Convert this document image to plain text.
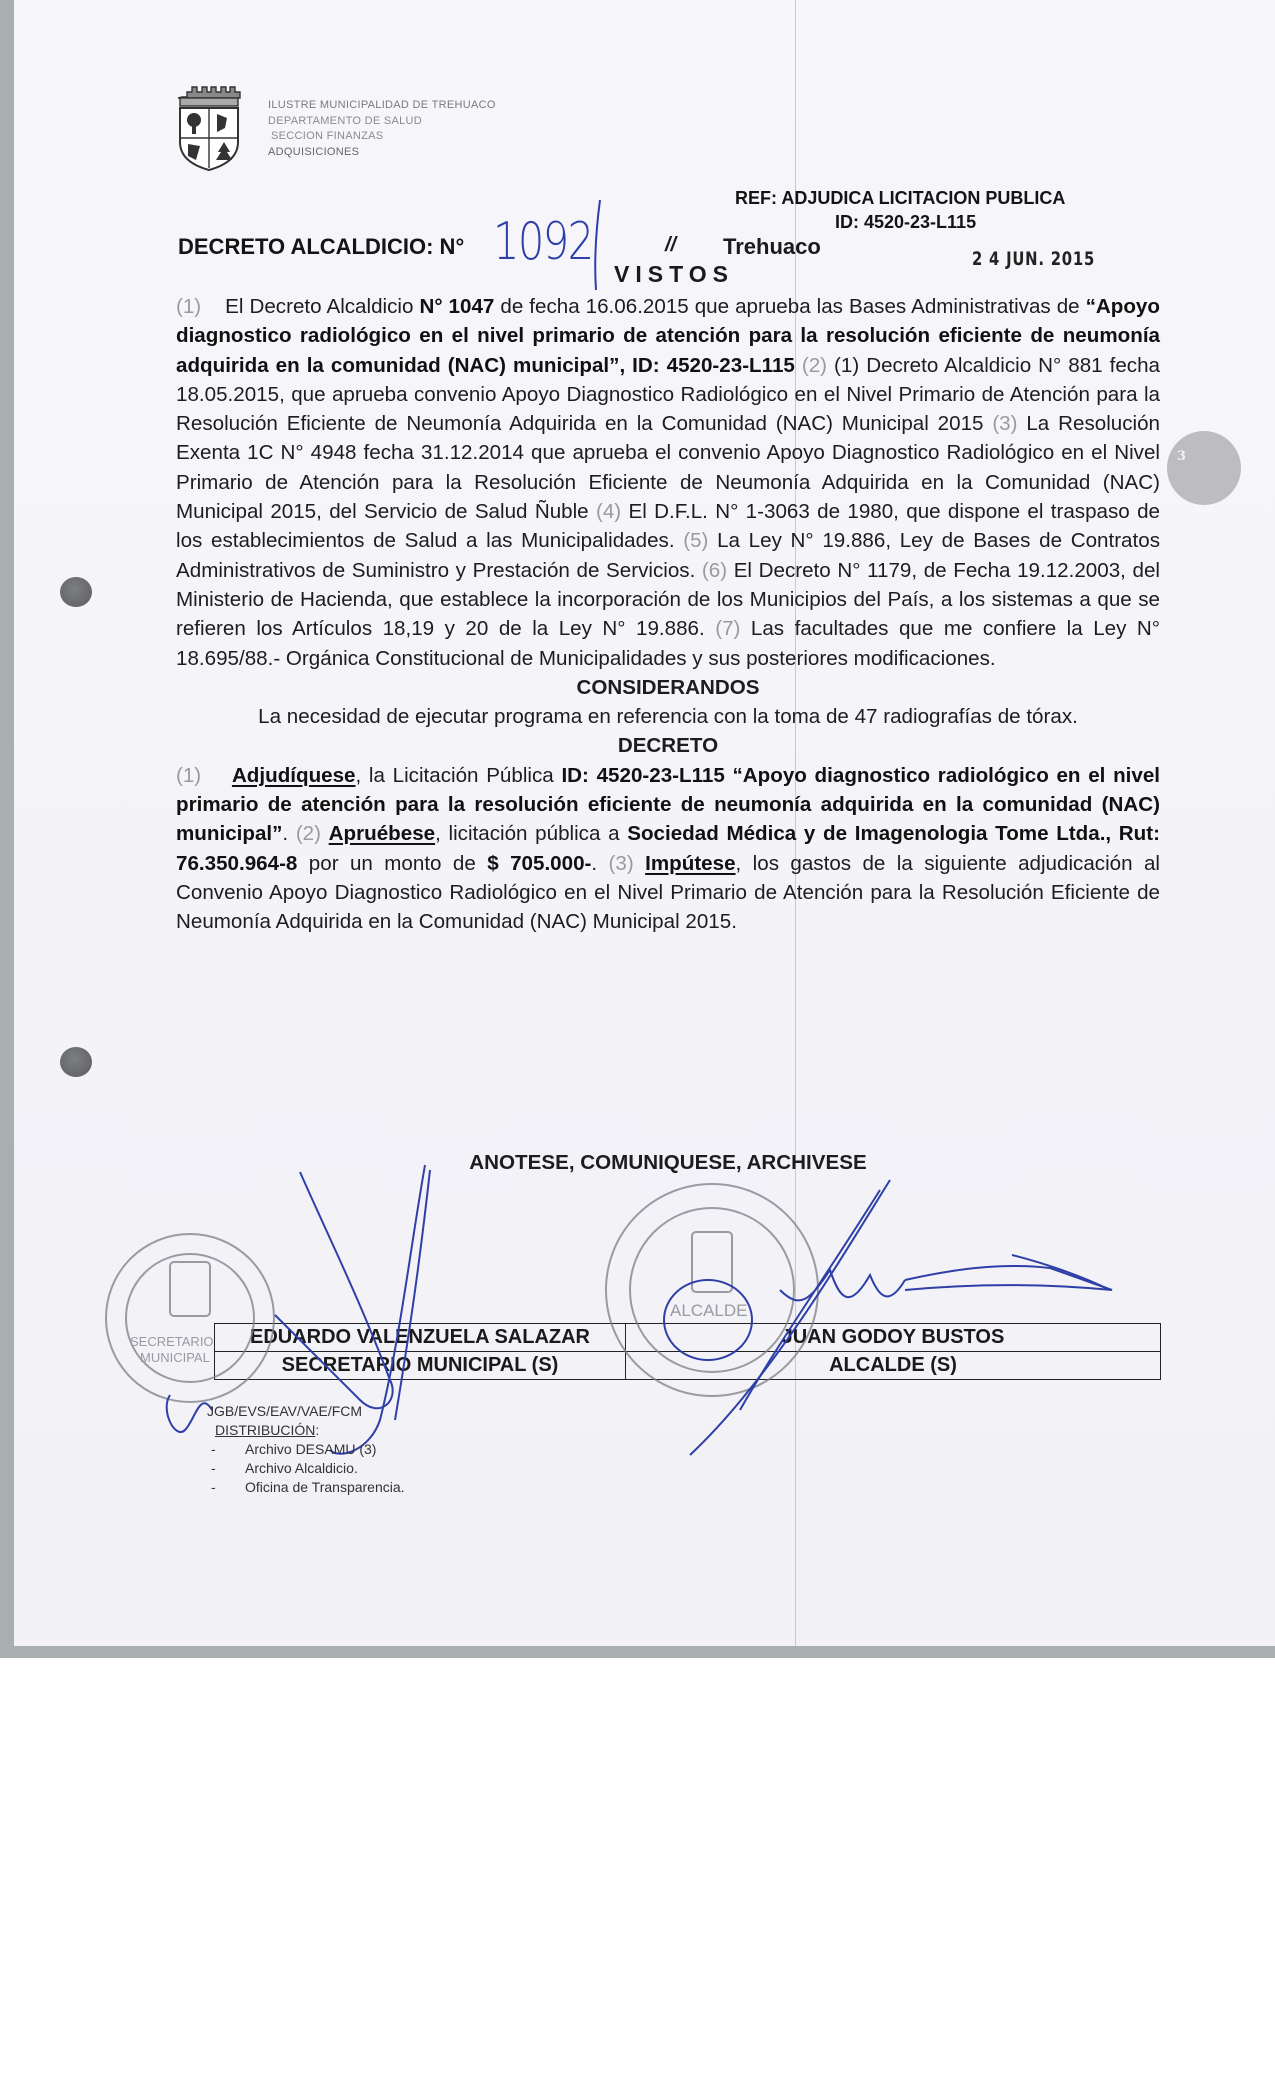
3
ILUSTRE MUNICIPALIDAD DE TREHUACO
DEPARTAMENTO DE SALUD
SECCION FINANZAS
ADQUISICIONES
REF: ADJUDICA LICITACION PUBLICA
ID: 4520-23-L115
DECRETO ALCALDICIO: N° 1092	// Trehuaco	2 4 JUN. 2015
VISTOS
(1) El Decreto Alcaldicio N° 1047 de fecha 16.06.2015 que aprueba las Bases Administrativas de “Apoyo diagnostico radiológico en el nivel primario de atención para la resolución eficiente de neumonía adquirida en la comunidad (NAC) municipal”, ID: 4520-23-L115 (2) (1) Decreto Alcaldicio N° 881 fecha 18.05.2015, que aprueba convenio Apoyo Diagnostico Radiológico en el Nivel Primario de Atención para la Resolución Eficiente de Neumonía Adquirida en la Comunidad (NAC) Municipal 2015 (3) La Resolución Exenta 1C N° 4948 fecha 31.12.2014 que aprueba el convenio Apoyo Diagnostico Radiológico en el Nivel Primario de Atención para la Resolución Eficiente de Neumonía Adquirida en la Comunidad (NAC) Municipal 2015, del Servicio de Salud Ñuble (4) El D.F.L. N° 1-3063 de 1980, que dispone el traspaso de los establecimientos de Salud a las Municipalidades. (5) La Ley N° 19.886, Ley de Bases de Contratos Administrativos de Suministro y Prestación de Servicios. (6) El Decreto N° 1179, de Fecha 19.12.2003, del Ministerio de Hacienda, que establece la incorporación de los Municipios del País, a los sistemas a que se refieren los Artículos 18,19 y 20 de la Ley N° 19.886. (7) Las facultades que me confiere la Ley N° 18.695/88.- Orgánica Constitucional de Municipalidades y sus posteriores modificaciones.
CONSIDERANDOS
La necesidad de ejecutar programa en referencia con la toma de 47 radiografías de tórax.
DECRETO
(1) Adjudíquese, la Licitación Pública ID: 4520-23-L115 “Apoyo diagnostico radiológico en el nivel primario de atención para la resolución eficiente de neumonía adquirida en la comunidad (NAC) municipal”. (2) Apruébese, licitación pública a Sociedad Médica y de Imagenologia Tome Ltda., Rut: 76.350.964-8 por un monto de $ 705.000-. (3) Impútese, los gastos de la siguiente adjudicación al Convenio Apoyo Diagnostico Radiológico en el Nivel Primario de Atención para la Resolución Eficiente de Neumonía Adquirida en la Comunidad (NAC) Municipal 2015.
ANOTESE, COMUNIQUESE, ARCHIVESE
EDUARDO VALENZUELA SALAZAR	JUAN GODOY BUSTOS
SECRETARIO MUNICIPAL (S)	ALCALDE (S)
SECRETARIO
MUNICIPAL
ALCALDE
JGB/EVS/EAV/VAE/FCM
DISTRIBUCIÓN:
- Archivo DESAMU (3)
- Archivo Alcaldicio.
- Oficina de Transparencia.
